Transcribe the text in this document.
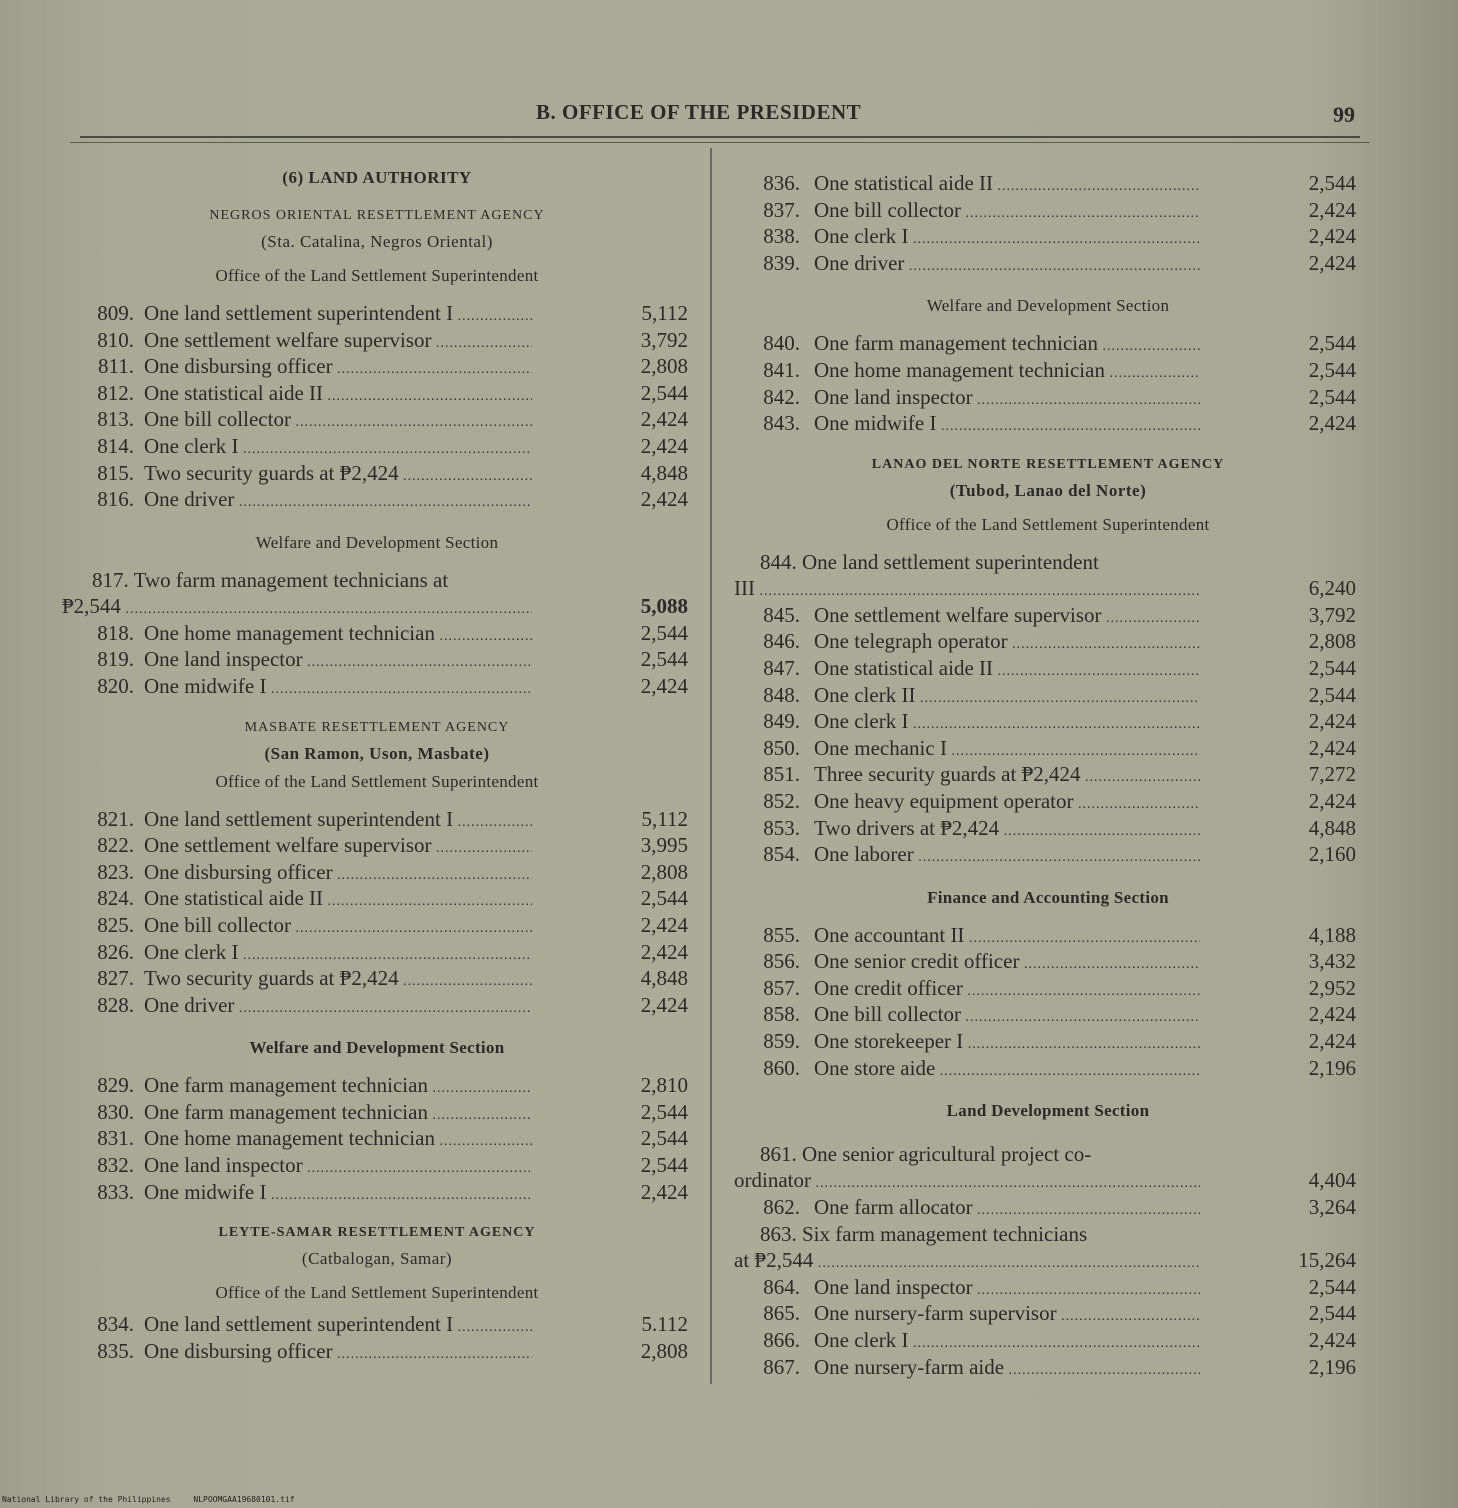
B. OFFICE OF THE PRESIDENT	99

(6) LAND AUTHORITY

NEGROS ORIENTAL RESETTLEMENT AGENCY

(Sta. Catalina, Negros Oriental)

Office of the Land Settlement Superintendent

809. One land settlement superintendent I .....	5,112
810. One settlement welfare supervisor .....	3,792
811. One disbursing officer .....	2,808
812. One statistical aide II .....	2,544
813. One bill collector .....	2,424
814. One clerk I .....	2,424
815. Two security guards at ₱2,424 .....	4,848
816. One driver .....	2,424

Welfare and Development Section

817. Two farm management technicians at
₱2,544 .....	5,088
818. One home management technician .....	2,544
819. One land inspector .....	2,544
820. One midwife I .....	2,424

MASBATE RESETTLEMENT AGENCY

(San Ramon, Uson, Masbate)

Office of the Land Settlement Superintendent

821. One land settlement superintendent I .....	5,112
822. One settlement welfare supervisor .....	3,995
823. One disbursing officer .....	2,808
824. One statistical aide II .....	2,544
825. One bill collector .....	2,424
826. One clerk I .....	2,424
827. Two security guards at ₱2,424 .....	4,848
828. One driver .....	2,424

Welfare and Development Section

829. One farm management technician .....	2,810
830. One farm management technician .....	2,544
831. One home management technician .....	2,544
832. One land inspector .....	2,544
833. One midwife I .....	2,424

LEYTE-SAMAR RESETTLEMENT AGENCY

(Catbalogan, Samar)

Office of the Land Settlement Superintendent

834. One land settlement superintendent I .....	5.112
835. One disbursing officer .....	2,808
836. One statistical aide II .....	2,544
837. One bill collector .....	2,424
838. One clerk I .....	2,424
839. One driver .....	2,424

Welfare and Development Section

840. One farm management technician .....	2,544
841. One home management technician .....	2,544
842. One land inspector .....	2,544
843. One midwife I .....	2,424

LANAO DEL NORTE RESETTLEMENT AGENCY

(Tubod, Lanao del Norte)

Office of the Land Settlement Superintendent

844. One land settlement superintendent
III .....	6,240
845. One settlement welfare supervisor .....	3,792
846. One telegraph operator .....	2,808
847. One statistical aide II .....	2,544
848. One clerk II .....	2,544
849. One clerk I .....	2,424
850. One mechanic I .....	2,424
851. Three security guards at ₱2,424 .....	7,272
852. One heavy equipment operator .....	2,424
853. Two drivers at ₱2,424 .....	4,848
854. One laborer .....	2,160

Finance and Accounting Section

855. One accountant II .....	4,188
856. One senior credit officer .....	3,432
857. One credit officer .....	2,952
858. One bill collector .....	2,424
859. One storekeeper I .....	2,424
860. One store aide .....	2,196

Land Development Section

861. One senior agricultural project co-
ordinator .....	4,404
862. One farm allocator .....	3,264
863. Six farm management technicians
at ₱2,544 .....	15,264
864. One land inspector .....	2,544
865. One nursery-farm supervisor .....	2,544
866. One clerk I .....	2,424
867. One nursery-farm aide .....	2,196
National Library of the Philippines	NLPOOMGAA19680101.tif
